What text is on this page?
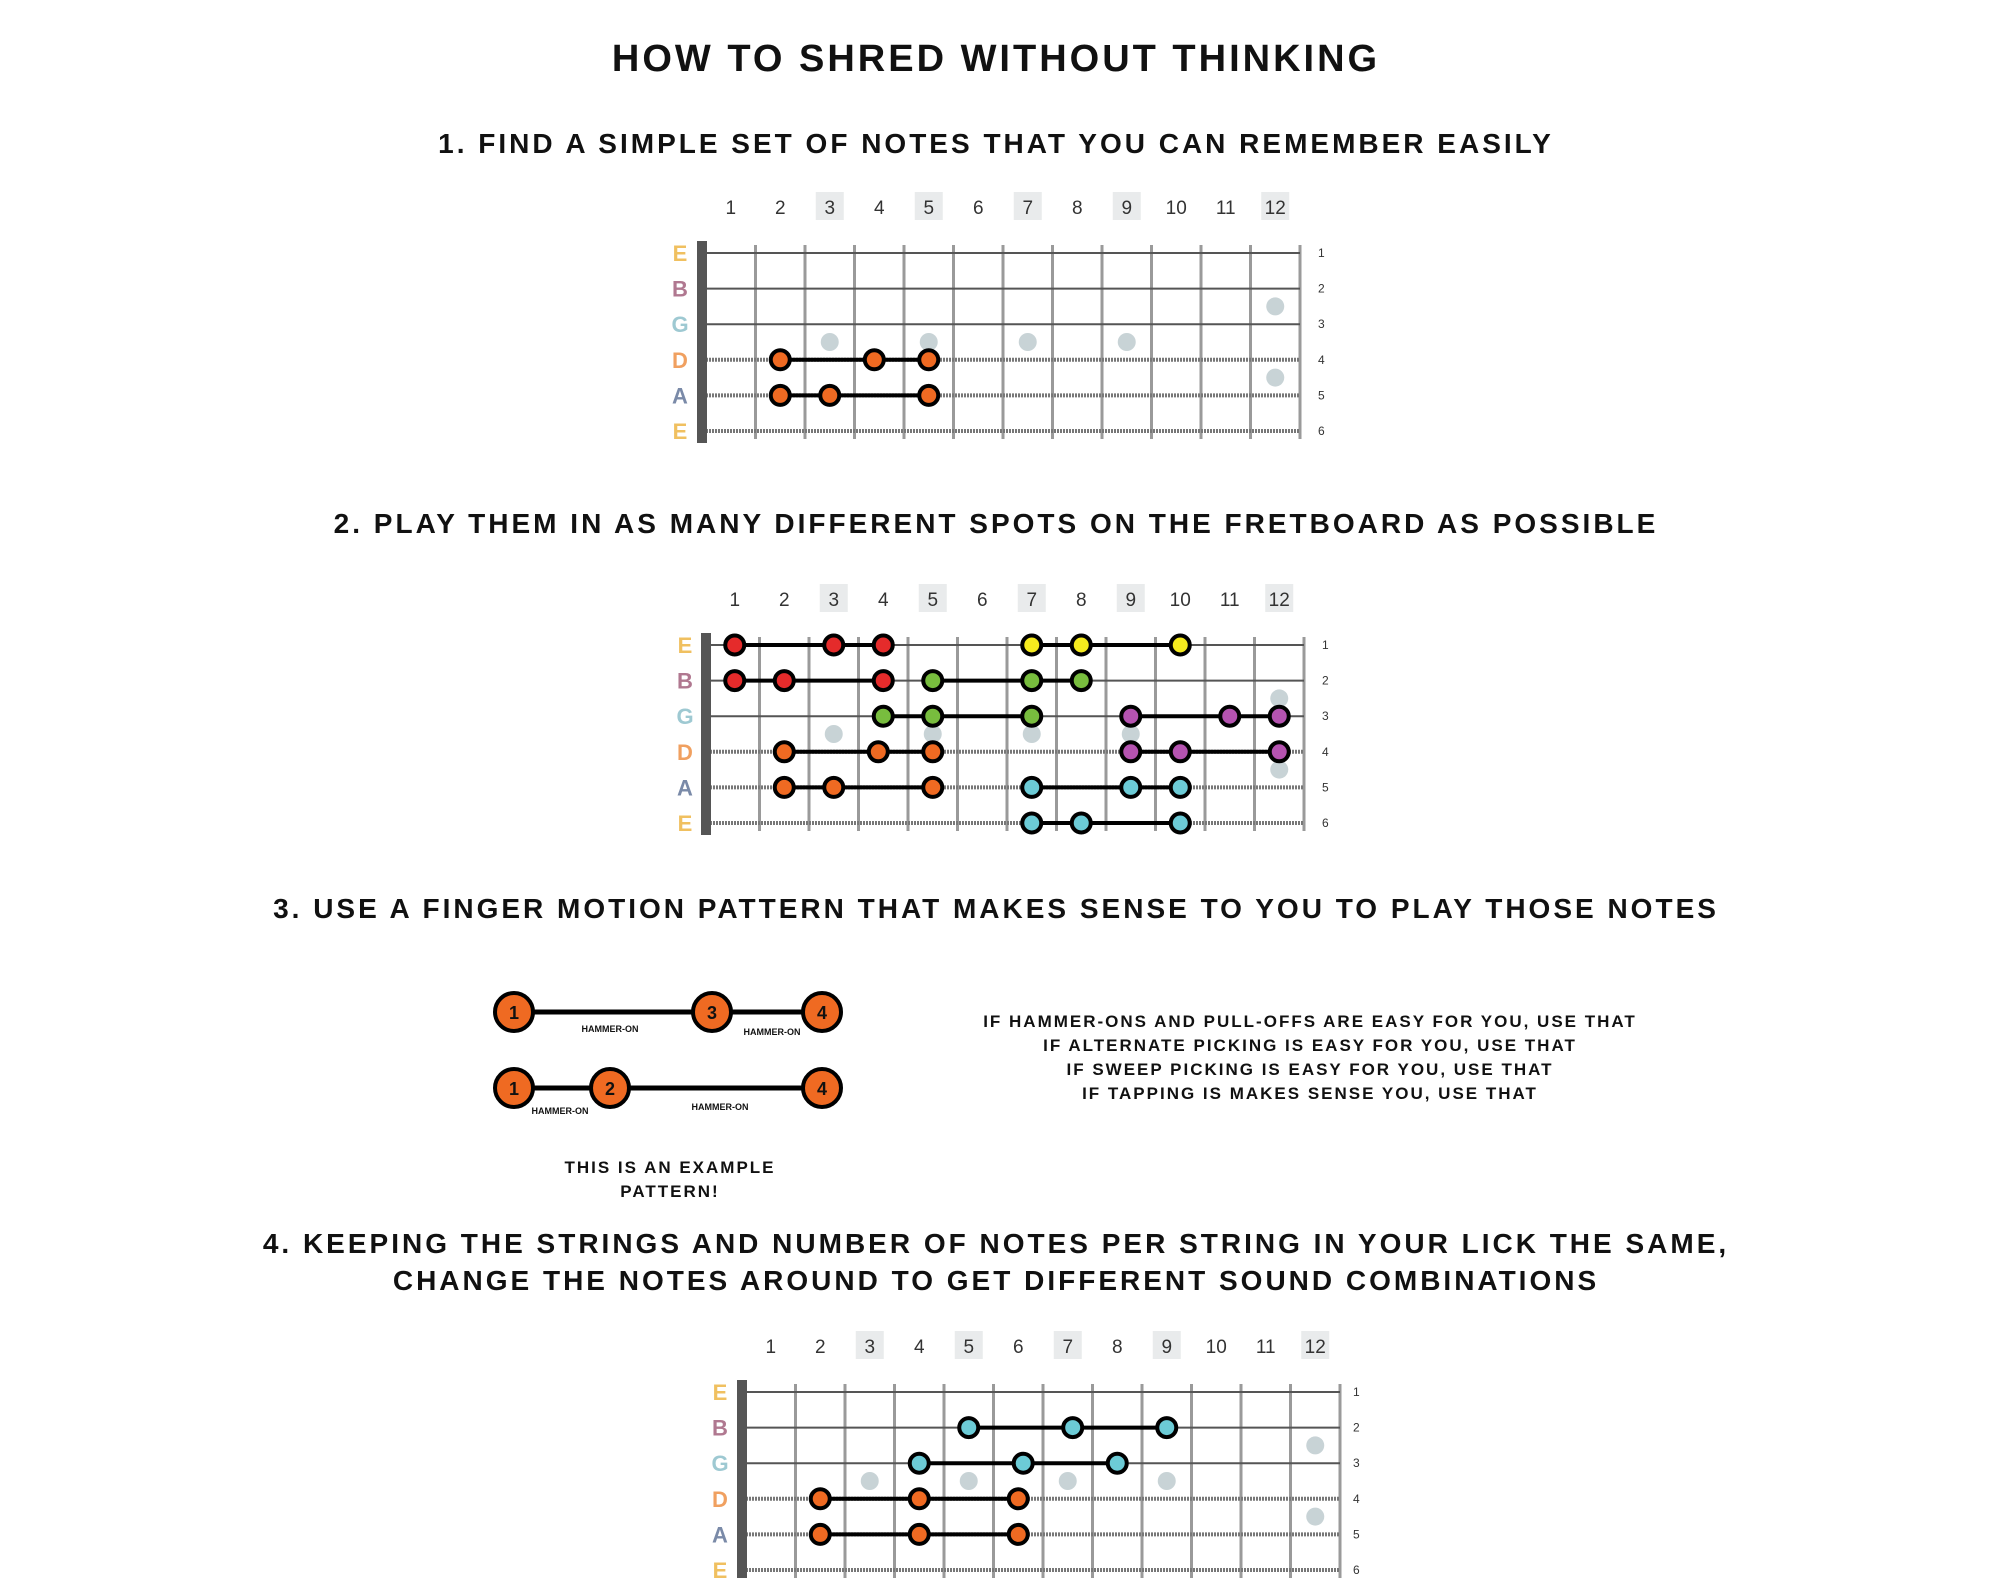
HOW TO SHRED WITHOUT THINKING
1. FIND A SIMPLE SET OF NOTES THAT YOU CAN REMEMBER EASILY
1 2 3 4 5 6 7 8 9 10 11 12
E	1
B	2
G	3
D	4
A	5
E	6
2. PLAY THEM IN AS MANY DIFFERENT SPOTS ON THE FRETBOARD AS POSSIBLE
1 2 3 4 5 6 7 8 9 10 11 12
E	1
B	2
G	3
D	4
A	5
E	6
3. USE A FINGER MOTION PATTERN THAT MAKES SENSE TO YOU TO PLAY THOSE NOTES
HAMMER-ON	HAMMER-ON
1	3	4
HAMMER-ON	HAMMER-ON
1	2	4
THIS IS AN EXAMPLE
PATTERN!
IF HAMMER-ONS AND PULL-OFFS ARE EASY FOR YOU, USE THAT
IF ALTERNATE PICKING IS EASY FOR YOU, USE THAT
IF SWEEP PICKING IS EASY FOR YOU, USE THAT
IF TAPPING IS MAKES SENSE YOU, USE THAT
4. KEEPING THE STRINGS AND NUMBER OF NOTES PER STRING IN YOUR LICK THE SAME,
CHANGE THE NOTES AROUND TO GET DIFFERENT SOUND COMBINATIONS
1 2 3 4 5 6 7 8 9 10 11 12
E	1
B	2
G	3
D	4
A	5
E	6
